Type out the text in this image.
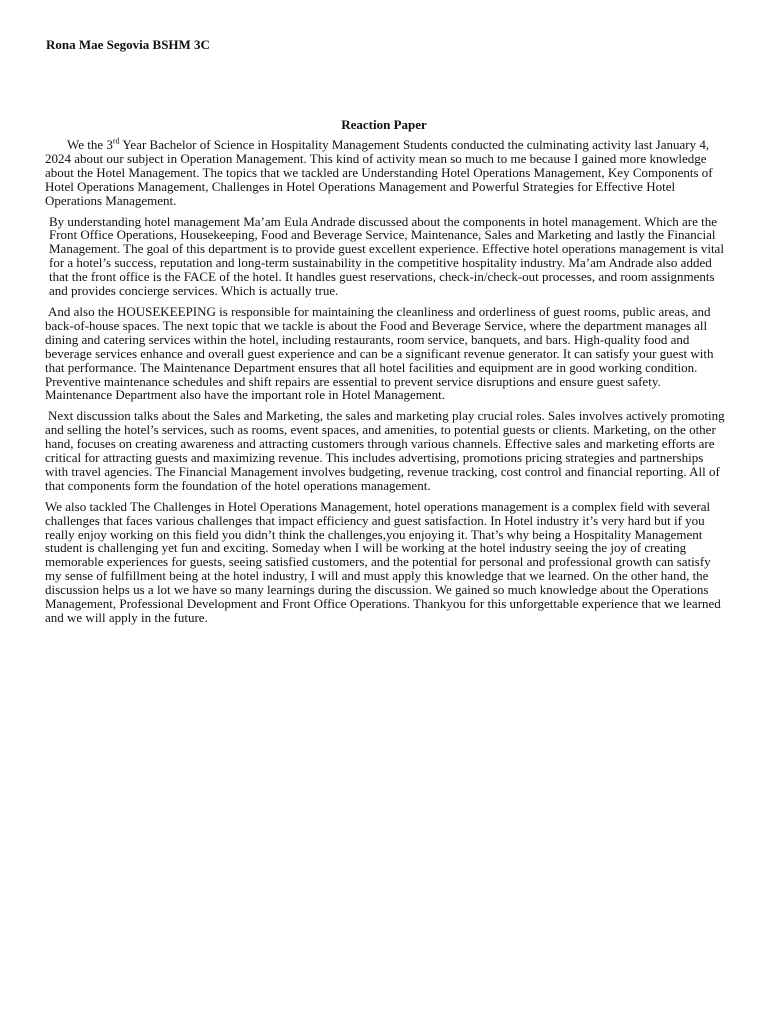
Rona Mae Segovia BSHM 3C
Reaction Paper

We the 3rd Year Bachelor of Science in Hospitality Management Students conducted the culminating activity last January 4, 2024 about our subject in Operation Management. This kind of activity mean so much to me because I gained more knowledge about the Hotel Management. The topics that we tackled are Understanding Hotel Operations Management, Key Components of Hotel Operations Management, Challenges in Hotel Operations Management and Powerful Strategies for Effective Hotel Operations Management.

By understanding hotel management Ma’am Eula Andrade discussed about the components in hotel management. Which are the Front Office Operations, Housekeeping, Food and Beverage Service, Maintenance, Sales and Marketing and lastly the Financial Management. The goal of this department is to provide guest excellent experience. Effective hotel operations management is vital for a hotel’s success, reputation and long-term sustainability in the competitive hospitality industry. Ma’am Andrade also added that the front office is the FACE of the hotel. It handles guest reservations, check-in/check-out processes, and room assignments and provides concierge services. Which is actually true.

And also the HOUSEKEEPING is responsible for maintaining the cleanliness and orderliness of guest rooms, public areas, and back-of-house spaces. The next topic that we tackle is about the Food and Beverage Service, where the department manages all dining and catering services within the hotel, including restaurants, room service, banquets, and bars. High-quality food and beverage services enhance and overall guest experience and can be a significant revenue generator. It can satisfy your guest with that performance. The Maintenance Department ensures that all hotel facilities and equipment are in good working condition. Preventive maintenance schedules and shift repairs are essential to prevent service disruptions and ensure guest safety. Maintenance Department also have the important role in Hotel Management.

Next discussion talks about the Sales and Marketing, the sales and marketing play crucial roles. Sales involves actively promoting and selling the hotel’s services, such as rooms, event spaces, and amenities, to potential guests or clients. Marketing, on the other hand, focuses on creating awareness and attracting customers through various channels. Effective sales and marketing efforts are critical for attracting guests and maximizing revenue. This includes advertising, promotions pricing strategies and partnerships with travel agencies. The Financial Management involves budgeting, revenue tracking, cost control and financial reporting. All of that components form the foundation of the hotel operations management.

We also tackled The Challenges in Hotel Operations Management, hotel operations management is a complex field with several challenges that faces various challenges that impact efficiency and guest satisfaction. In Hotel industry it’s very hard but if you really enjoy working on this field you didn’t think the challenges,you enjoying it. That’s why being a Hospitality Management student is challenging yet fun and exciting. Someday when I will be working at the hotel industry seeing the joy of creating memorable experiences for guests, seeing satisfied customers, and the potential for personal and professional growth can satisfy my sense of fulfillment being at the hotel industry, I will and must apply this knowledge that we learned. On the other hand, the discussion helps us a lot we have so many learnings during the discussion. We gained so much knowledge about the Operations Management, Professional Development and Front Office Operations. Thankyou for this unforgettable experience that we learned and we will apply in the future.
